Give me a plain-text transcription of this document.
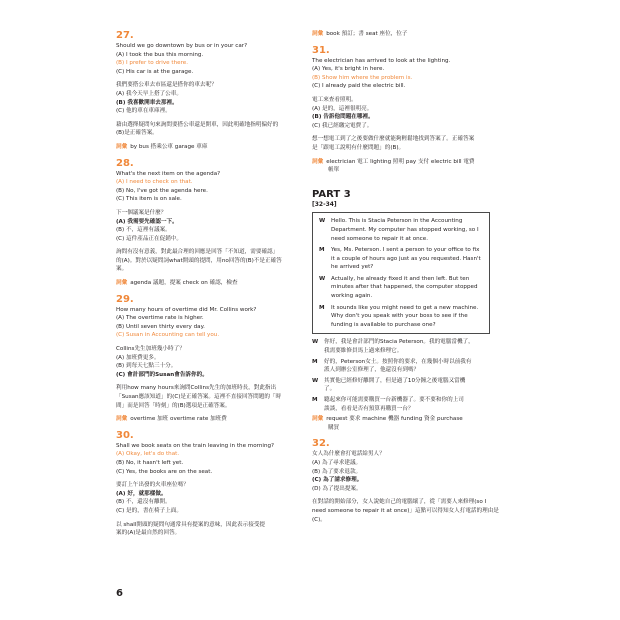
27.
Should we go downtown by bus or in your car?
(A) I took the bus this morning.
(B) I prefer to drive there.
(C) His car is at the garage.
我們要搭公車去市區還是搭你的車去呢？
(A) 我今天早上搭了公車。
(B) 我喜歡開車去那裡。
(C) 他的車在車庫裡。
藉由選擇疑問句來詢問要搭公車還是開車，因此明確地指明偏好的
(B)是正確答案。
詞彙 by bus 搭乘公車 garage 車庫
28.
What's the next item on the agenda?
(A) I need to check on that.
(B) No, I've got the agenda here.
(C) This item is on sale.
下一個議案是什麼？
(A) 我需要先確認一下。
(B) 不，這裡有議案。
(C) 這件產品正在促銷中。
詢問有沒有意義，對此最合理的回應是回答「不知道，需要確認」
的(A)。對於以疑問詞what開頭的提問，用no回答的(B)不是正確答
案。
詞彙 agenda 議題，提案 check on 確認，檢查
29.
How many hours of overtime did Mr. Collins work?
(A) The overtime rate is higher.
(B) Until seven thirty every day.
(C) Susan in Accounting can tell you.
Collins先生加班幾小時了？
(A) 加班費更多。
(B) 到每天七點三十分。
(C) 會計部門的Susan會告訴你的。
利用how many hours來詢問Collins先生的加班時長，對此指出
「Susan應該知道」的(C)是正確答案。這裡不直接回答問題的「時
間」而是回答「時刻」的(B)選項是正確答案。
詞彙 overtime 加班 overtime rate 加班費
30.
Shall we book seats on the train leaving in the morning?
(A) Okay, let's do that.
(B) No, it hasn't left yet.
(C) Yes, the books are on the seat.
要訂上午出發的火車座位嗎？
(A) 好，就那樣做。
(B) 不，還沒有離開。
(C) 是的，書在椅子上面。
以 shall開頭的疑問句通常具有提案的意味，因此表示接受提
案的(A)是最自然的回答。
詞彙 book 預訂；書 seat 座位，位子
31.
The electrician has arrived to look at the lighting.
(A) Yes, it's bright in here.
(B) Show him where the problem is.
(C) I already paid the electric bill.
電工來查看照明。
(A) 是的，這裡很明亮。
(B) 告訴他問題在哪裡。
(C) 我已經繳完電費了。
想一想電工到了之後要做什麼就能夠輕鬆地找到答案了。正確答案
是「跟電工說明有什麼問題」的(B)。
詞彙 electrician 電工 lighting 照明 pay 支付 electric bill 電費
帳單
PART 3
[32-34]
W	Hello. This is Stacia Peterson in the Accounting
Department. My computer has stopped working, so I
need someone to repair it at once.
M	Yes, Ms. Peterson. I sent a person to your office to fix
it a couple of hours ago just as you requested. Hasn't
he arrived yet?
W	Actually, he already fixed it and then left. But ten
minutes after that happened, the computer stopped
working again.
M	It sounds like you might need to get a new machine.
Why don't you speak with your boss to see if the
funding is available to purchase one?
W	你好，我是會計部門的Stacia Peterson。我的電腦當機了，
我需要維修員馬上過來修理它。
M	好的，Peterson女士。按照你的要求，在幾個小時以前我有
派人到辦公室修理了，他還沒有到嗎？
W	其實他已經修好離開了，但是過了10分鐘之後電腦又當機
了。
M	聽起來你可能需要購買一台新機器了。要不要和你的上司
談談，看看是否有預算再購買一台？
詞彙 request 要求 machine 機器 funding 資金 purchase
購買
32.
女人為什麼會打電話給男人？
(A) 為了尋求建議。
(B) 為了要求退款。
(C) 為了請求修理。
(D) 為了提出提案。
在對話的開始部分，女人說她自己的電腦壞了，從「需要人來修理(so I
need someone to repair it at once)」這點可以得知女人打電話的理由是
(C)。
6
